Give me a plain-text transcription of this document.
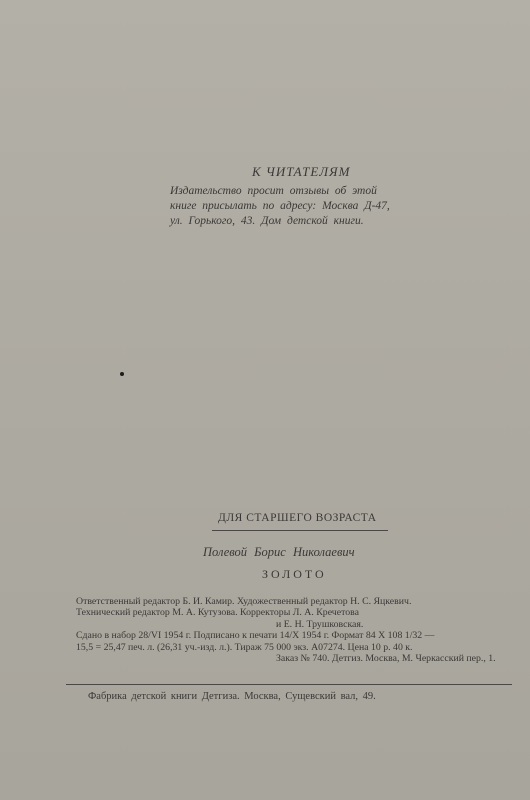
К ЧИТАТЕЛЯМ
Издательство просит отзывы об этой
книге присылать по адресу: Москва Д-47,
ул. Горького, 43. Дом детской книги.
ДЛЯ СТАРШЕГО ВОЗРАСТА
Полевой Борис Николаевич
ЗОЛОТО
Ответственный редактор Б. И. Камир. Художественный редактор Н. С. Яцкевич.
Технический редактор М. А. Кутузова. Корректоры Л. А. Кречетова
и Е. Н. Трушковская.
Сдано в набор 28/VI 1954 г. Подписано к печати 14/X 1954 г. Формат 84 X 108 1/32 —
15,5 = 25,47 печ. л. (26,31 уч.-изд. л.). Тираж 75 000 экз. А07274. Цена 10 р. 40 к.
Заказ № 740. Детгиз. Москва, М. Черкасский пер., 1.
Фабрика детской книги Детгиза. Москва, Сущевский вал, 49.
